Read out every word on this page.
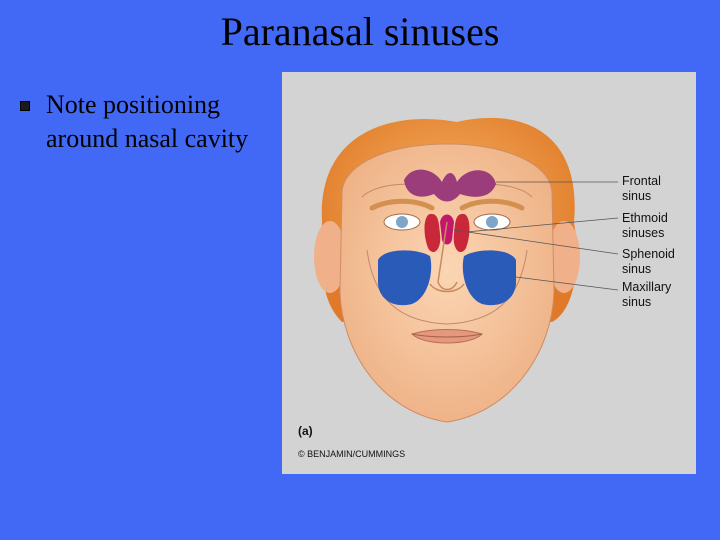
Paranasal sinuses
Note positioning around nasal cavity
Frontal
sinus
Ethmoid
sinuses
Sphenoid
sinus
Maxillary
sinus
(a)
© BENJAMIN/CUMMINGS
